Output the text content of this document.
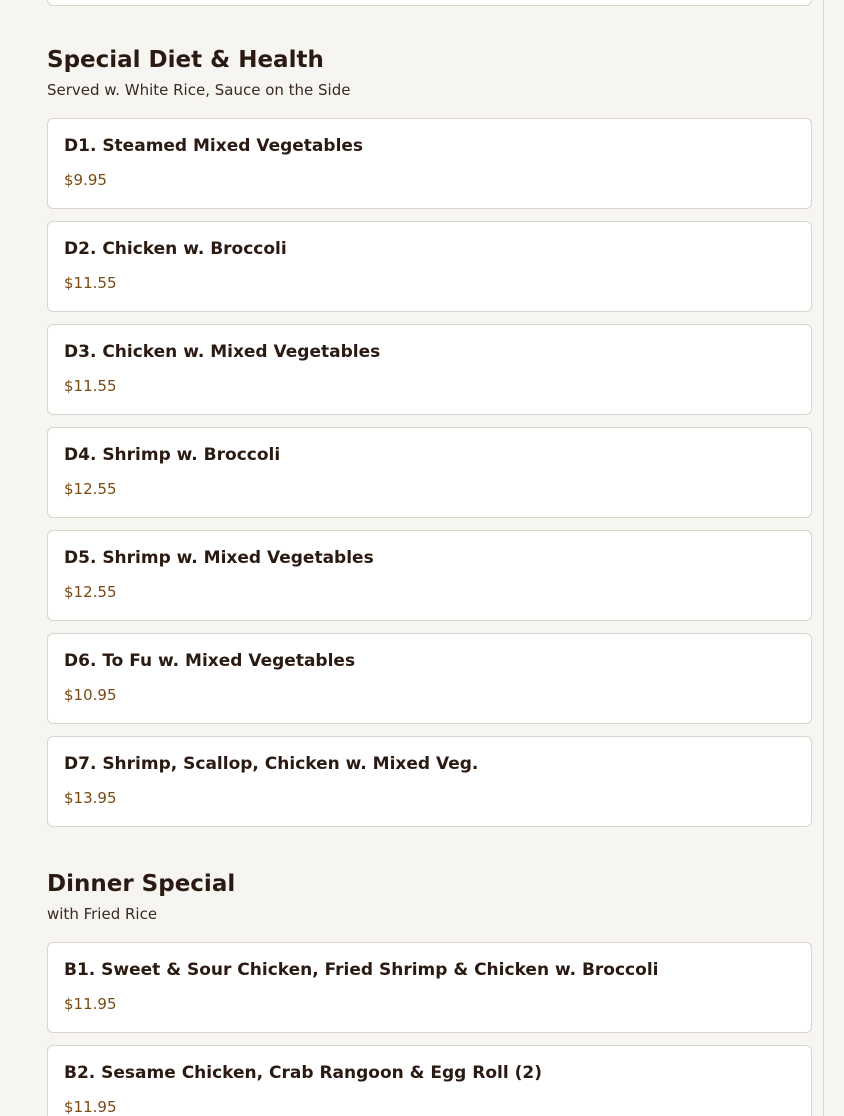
Special Diet & Health

Served w. White Rice, Sauce on the Side

D1. Steamed Mixed Vegetables
$9.95
D2. Chicken w. Broccoli
$11.55
D3. Chicken w. Mixed Vegetables
$11.55
D4. Shrimp w. Broccoli
$12.55
D5. Shrimp w. Mixed Vegetables
$12.55
D6. To Fu w. Mixed Vegetables
$10.95
D7. Shrimp, Scallop, Chicken w. Mixed Veg.
$13.95
Dinner Special

with Fried Rice

B1. Sweet & Sour Chicken, Fried Shrimp & Chicken w. Broccoli
$11.95
B2. Sesame Chicken, Crab Rangoon & Egg Roll (2)
$11.95
